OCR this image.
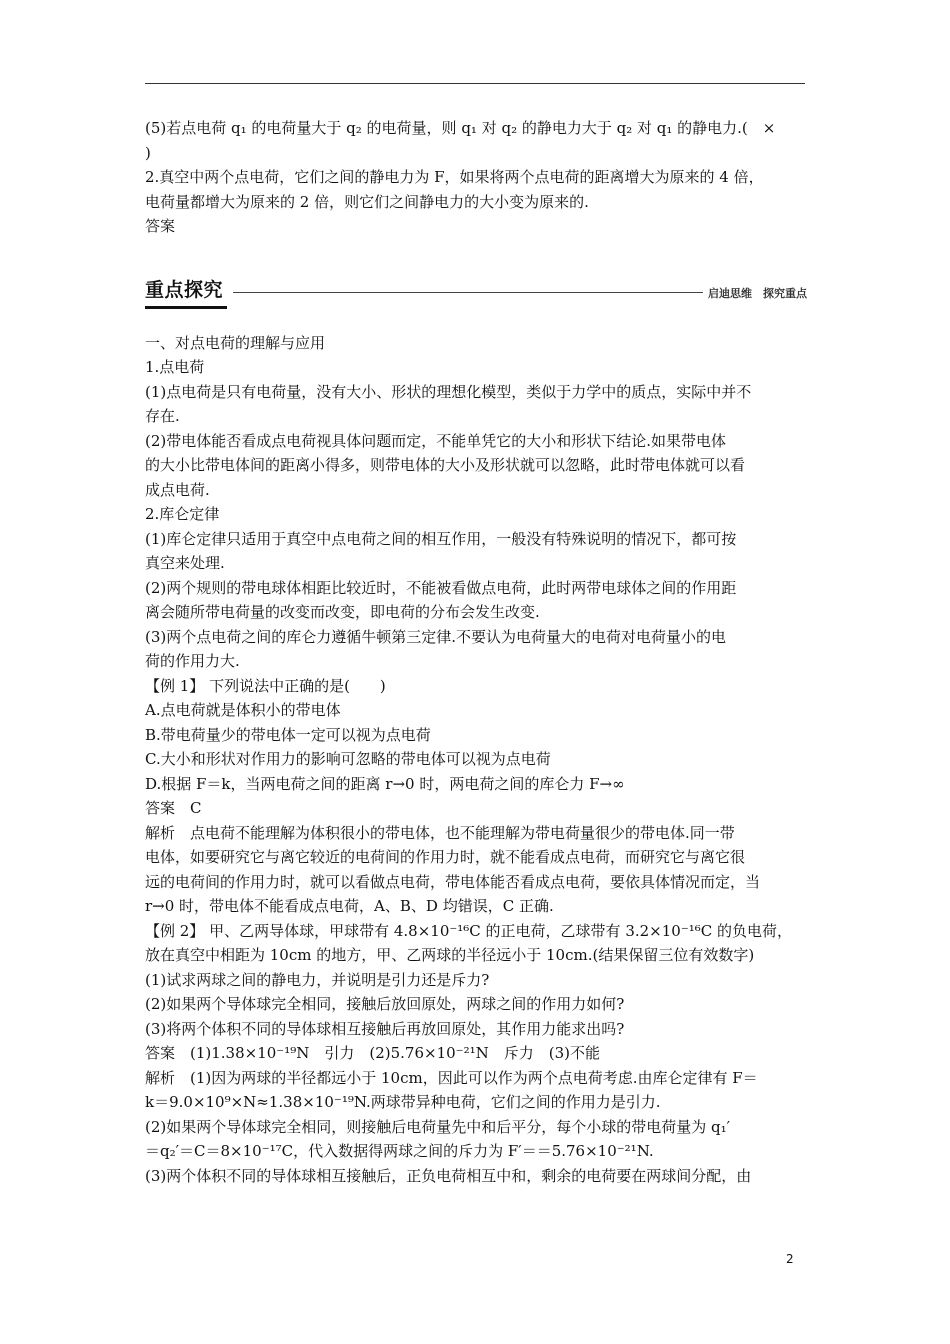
(5)若点电荷 q₁ 的电荷量大于 q₂ 的电荷量，则 q₁ 对 q₂ 的静电力大于 q₂ 对 q₁ 的静电力.(　×

)

2.真空中两个点电荷，它们之间的静电力为 F，如果将两个点电荷的距离增大为原来的 4 倍，

电荷量都增大为原来的 2 倍，则它们之间静电力的大小变为原来的.

答案

重点探究	启迪思维　探究重点

一、对点电荷的理解与应用

1.点电荷

(1)点电荷是只有电荷量，没有大小、形状的理想化模型，类似于力学中的质点，实际中并不

存在.

(2)带电体能否看成点电荷视具体问题而定，不能单凭它的大小和形状下结论.如果带电体

的大小比带电体间的距离小得多，则带电体的大小及形状就可以忽略，此时带电体就可以看

成点电荷.

2.库仑定律

(1)库仑定律只适用于真空中点电荷之间的相互作用，一般没有特殊说明的情况下，都可按

真空来处理.

(2)两个规则的带电球体相距比较近时，不能被看做点电荷，此时两带电球体之间的作用距

离会随所带电荷量的改变而改变，即电荷的分布会发生改变.

(3)两个点电荷之间的库仑力遵循牛顿第三定律.不要认为电荷量大的电荷对电荷量小的电

荷的作用力大.

【例 1】 下列说法中正确的是(　　)

A.点电荷就是体积小的带电体

B.带电荷量少的带电体一定可以视为点电荷

C.大小和形状对作用力的影响可忽略的带电体可以视为点电荷

D.根据 F＝k，当两电荷之间的距离 r→0 时，两电荷之间的库仑力 F→∞

答案　C

解析　点电荷不能理解为体积很小的带电体，也不能理解为带电荷量很少的带电体.同一带

电体，如要研究它与离它较近的电荷间的作用力时，就不能看成点电荷，而研究它与离它很

远的电荷间的作用力时，就可以看做点电荷，带电体能否看成点电荷，要依具体情况而定，当

r→0 时，带电体不能看成点电荷，A、B、D 均错误，C 正确.

【例 2】 甲、乙两导体球，甲球带有 4.8×10⁻¹⁶C 的正电荷，乙球带有 3.2×10⁻¹⁶C 的负电荷，

放在真空中相距为 10cm 的地方，甲、乙两球的半径远小于 10cm.(结果保留三位有效数字)

(1)试求两球之间的静电力，并说明是引力还是斥力?

(2)如果两个导体球完全相同，接触后放回原处，两球之间的作用力如何?

(3)将两个体积不同的导体球相互接触后再放回原处，其作用力能求出吗?

答案　(1)1.38×10⁻¹⁹N　引力　(2)5.76×10⁻²¹N　斥力　(3)不能

解析　(1)因为两球的半径都远小于 10cm，因此可以作为两个点电荷考虑.由库仑定律有 F＝

k＝9.0×10⁹×N≈1.38×10⁻¹⁹N.两球带异种电荷，它们之间的作用力是引力.

(2)如果两个导体球完全相同，则接触后电荷量先中和后平分，每个小球的带电荷量为 q₁′

＝q₂′＝C＝8×10⁻¹⁷C，代入数据得两球之间的斥力为 F′＝＝5.76×10⁻²¹N.

(3)两个体积不同的导体球相互接触后，正负电荷相互中和，剩余的电荷要在两球间分配，由

2
